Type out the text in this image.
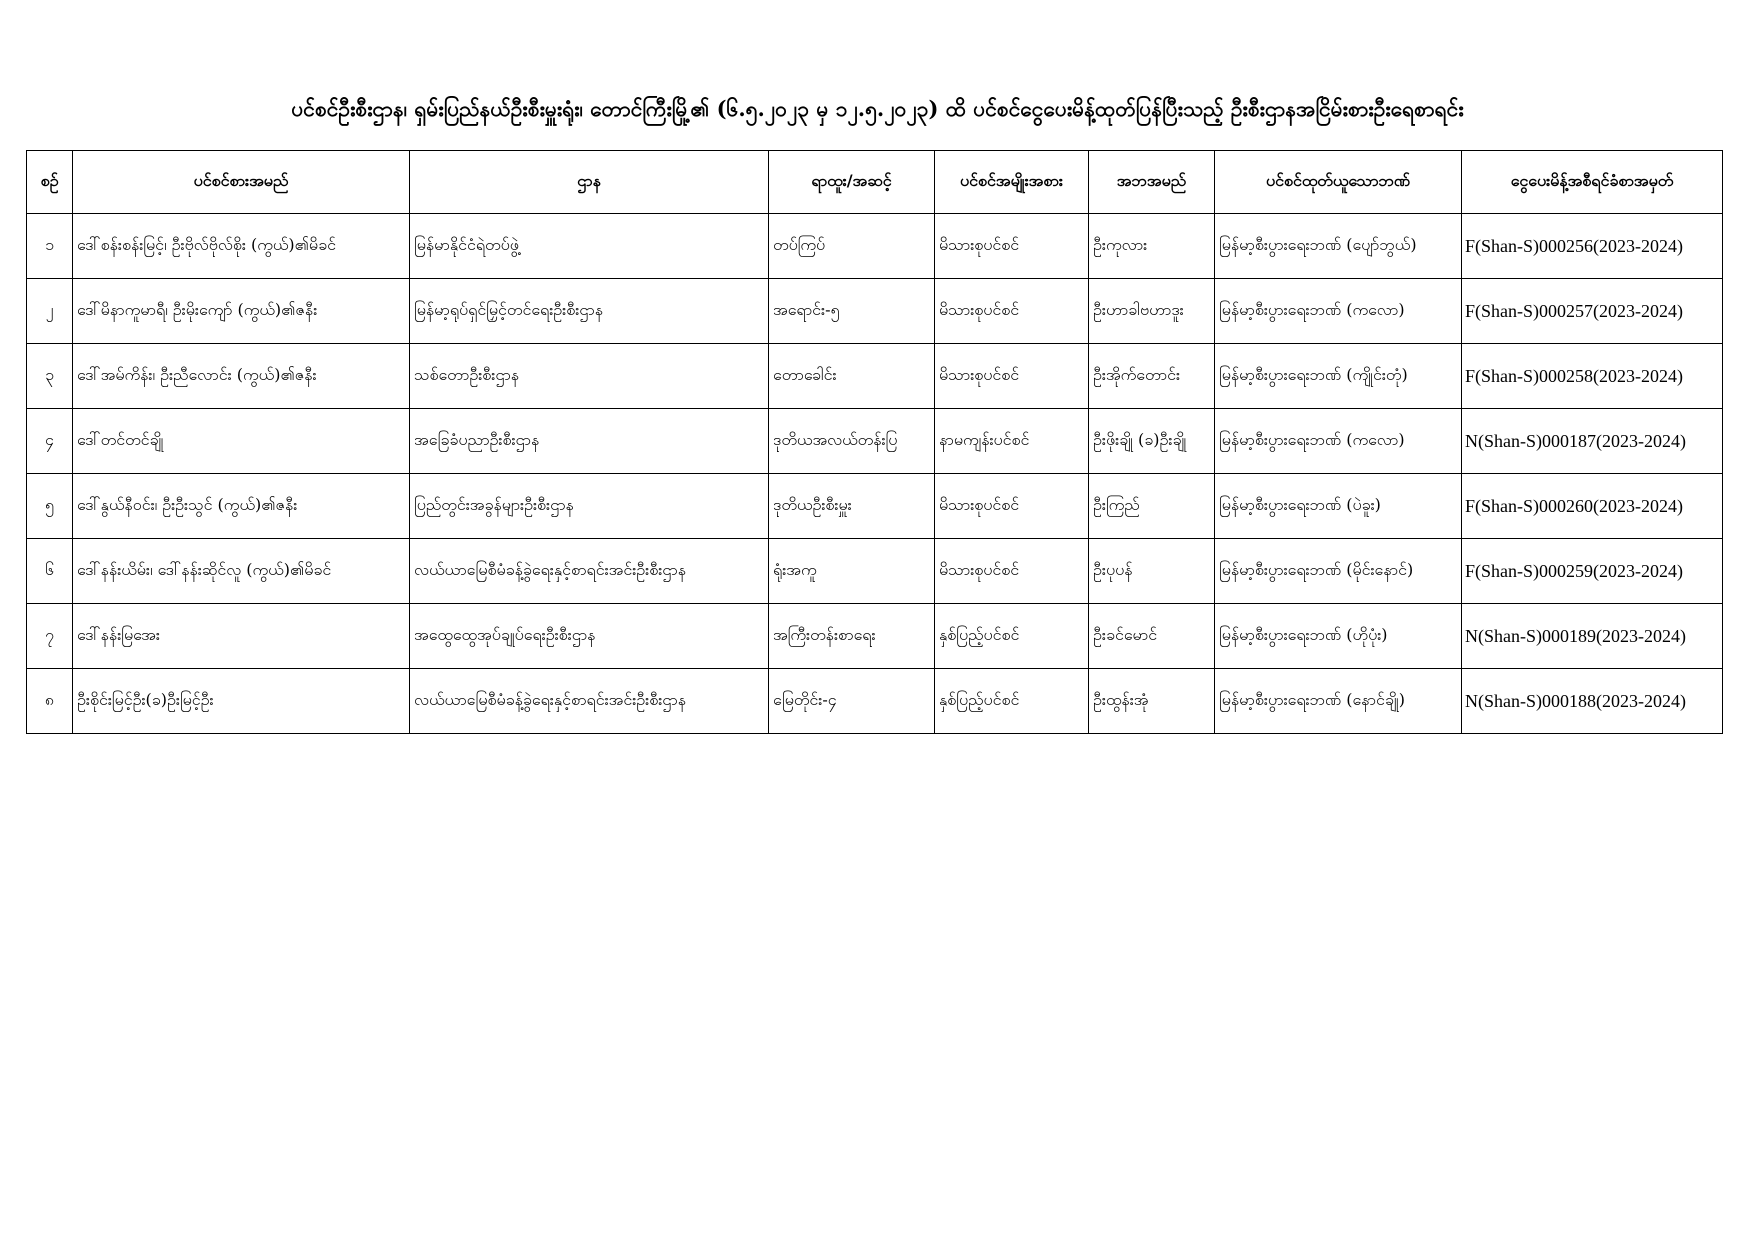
ပင်စင်ဦးစီးဌာန၊ ရှမ်းပြည်နယ်ဦးစီးမှူးရုံး၊ တောင်ကြီးမြို့၏ (၆.၅.၂၀၂၃ မှ ၁၂.၅.၂၀၂၃) ထိ ပင်စင်ငွေပေးမိန့်ထုတ်ပြန်ပြီးသည့် ဦးစီးဌာနအငြိမ်းစားဦးရေစာရင်း
စဉ်	ပင်စင်စားအမည်	ဌာန	ရာထူး/အဆင့်	ပင်စင်အမျိုးအစား	အဘအမည်	ပင်စင်ထုတ်ယူသောဘဏ်	ငွေပေးမိန့်အစီရင်ခံစာအမှတ်
၁	ဒေါ်စန်းစန်းမြင့်၊ ဦးဗိုလ်ဗိုလ်စိုး (ကွယ်)၏မိခင်	မြန်မာနိုင်ငံရဲတပ်ဖွဲ့	တပ်ကြပ်	မိသားစုပင်စင်	ဦးကုလား	မြန်မာ့စီးပွားရေးဘဏ် (ပျော်ဘွယ်)	F(Shan-S)000256(2023-2024)
၂	ဒေါ်မိနာကူမာရီ၊ ဦးမိုးကျော် (ကွယ်)၏ဇနီး	မြန်မာ့ရုပ်ရှင်မြှင့်တင်ရေးဦးစီးဌာန	အရောင်း-၅	မိသားစုပင်စင်	ဦးဟာခါဗဟာဒူး	မြန်မာ့စီးပွားရေးဘဏ် (ကလော)	F(Shan-S)000257(2023-2024)
၃	ဒေါ်အမ်ကိန်း၊ ဦးညီလောင်း (ကွယ်)၏ဇနီး	သစ်တောဦးစီးဌာန	တောခေါင်း	မိသားစုပင်စင်	ဦးအိုက်တောင်း	မြန်မာ့စီးပွားရေးဘဏ် (ကျိုင်းတုံ)	F(Shan-S)000258(2023-2024)
၄	ဒေါ်တင်တင်ချို	အခြေခံပညာဦးစီးဌာန	ဒုတိယအလယ်တန်းပြ	နာမကျန်းပင်စင်	ဦးဖိုးချို (ခ)ဦးချို	မြန်မာ့စီးပွားရေးဘဏ် (ကလော)	N(Shan-S)000187(2023-2024)
၅	ဒေါ်နွယ်နီဝင်း၊ ဦးဦးသွင် (ကွယ်)၏ဇနီး	ပြည်တွင်းအခွန်များဦးစီးဌာန	ဒုတိယဦးစီးမှူး	မိသားစုပင်စင်	ဦးကြည်	မြန်မာ့စီးပွားရေးဘဏ် (ပဲခူး)	F(Shan-S)000260(2023-2024)
၆	ဒေါ်နန်းယိမ်း၊ ဒေါ်နန်းဆိုင်လူ (ကွယ်)၏မိခင်	လယ်ယာမြေစီမံခန့်ခွဲရေးနှင့်စာရင်းအင်းဦးစီးဌာန	ရုံးအကူ	မိသားစုပင်စင်	ဦးပုပန်	မြန်မာ့စီးပွားရေးဘဏ် (မိုင်းနောင်)	F(Shan-S)000259(2023-2024)
၇	ဒေါ်နန်းမြအေး	အထွေထွေအုပ်ချုပ်ရေးဦးစီးဌာန	အကြီးတန်းစာရေး	နှစ်ပြည့်ပင်စင်	ဦးခင်မောင်	မြန်မာ့စီးပွားရေးဘဏ် (ဟိုပုံး)	N(Shan-S)000189(2023-2024)
၈	ဦးစိုင်းမြင့်ဦး(ခ)ဦးမြင့်ဦး	လယ်ယာမြေစီမံခန့်ခွဲရေးနှင့်စာရင်းအင်းဦးစီးဌာန	မြေတိုင်း-၄	နှစ်ပြည့်ပင်စင်	ဦးထွန်းအုံ	မြန်မာ့စီးပွားရေးဘဏ် (နောင်ချို)	N(Shan-S)000188(2023-2024)
